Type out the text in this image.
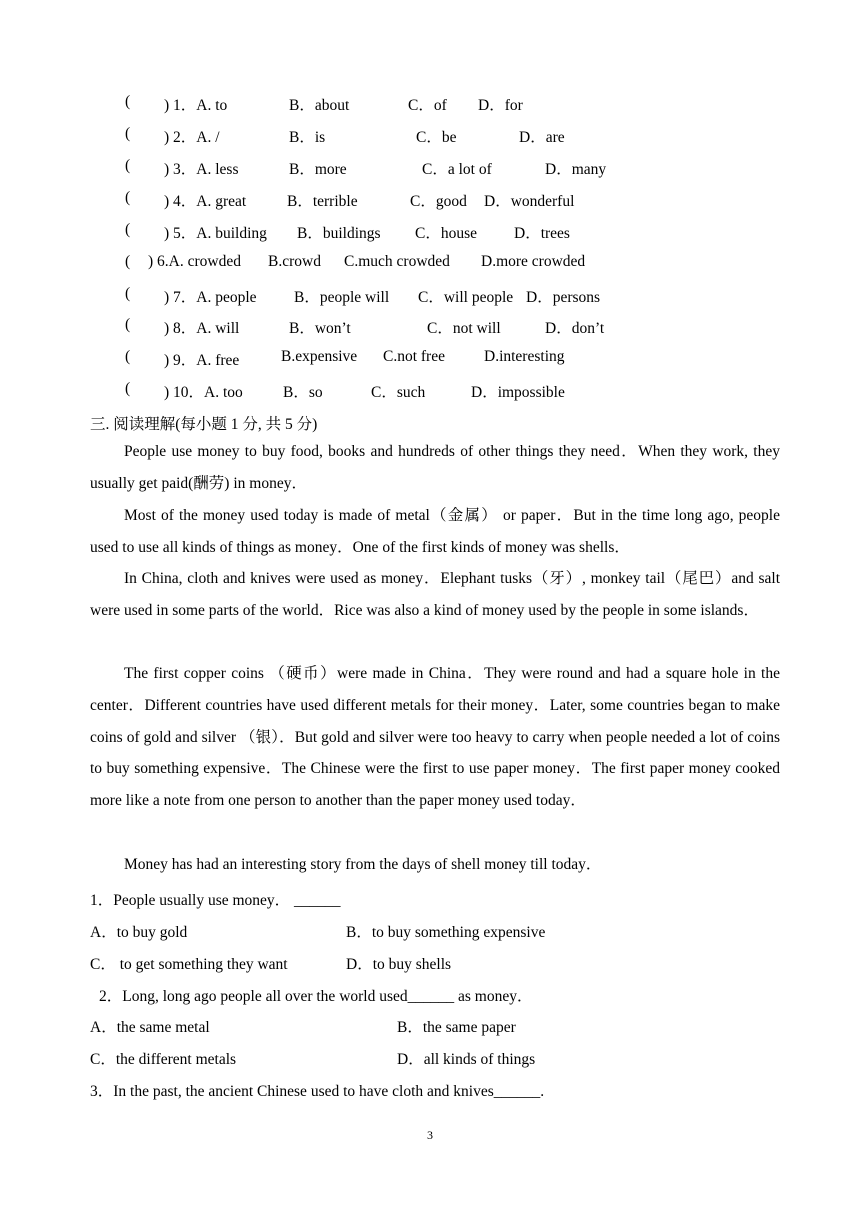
( ) 1．A. to	B．about	C．of D．for
( ) 2．A. /	B．is	C．be	D．are
( ) 3．A. less	B．more	C．a lot of	D．many
( ) 4．A. great	B．terrible	C．good D．wonderful
( ) 5．A. building B．buildings C．house D．trees
( ) 6.A. crowded B.crowd C.much crowded D.more crowded
( ) 7．A. people B．people will C．will people D．persons
( ) 8．A. will	B．won’t	C．not will	D．don’t
( ) 9．A. free	B.expensive C.not free	D.interesting
( ) 10．A. too	B．so	C．such	D．impossible
三. 阅读理解(每小题 1 分, 共 5 分)
People use money to buy food, books and hundreds of other things they need．When they work, they usually get paid(酬劳) in money．
Most of the money used today is made of metal（金属） or paper．But in the time long ago, people used to use all kinds of things as money．One of the first kinds of money was shells．
In China, cloth and knives were used as money．Elephant tusks（牙）, monkey tail（尾巴）and salt were used in some parts of the world．Rice was also a kind of money used by the people in some islands．
The first copper coins （硬币）were made in China．They were round and had a square hole in the center．Different countries have used different metals for their money．Later, some countries began to make coins of gold and silver （银）．But gold and silver were too heavy to carry when people needed a lot of coins to buy something expensive．The Chinese were the first to use paper money．The first paper money cooked more like a note from one person to another than the paper money used today．
Money has had an interesting story from the days of shell money till today．
1．People usually use money． ______
A．to buy gold	B．to buy something expensive
C． to get something they want	D．to buy shells
2．Long, long ago people all over the world used______ as money．
A．the same metal	B．the same paper
C．the different metals	D．all kinds of things
3．In the past, the ancient Chinese used to have cloth and knives______.
3
